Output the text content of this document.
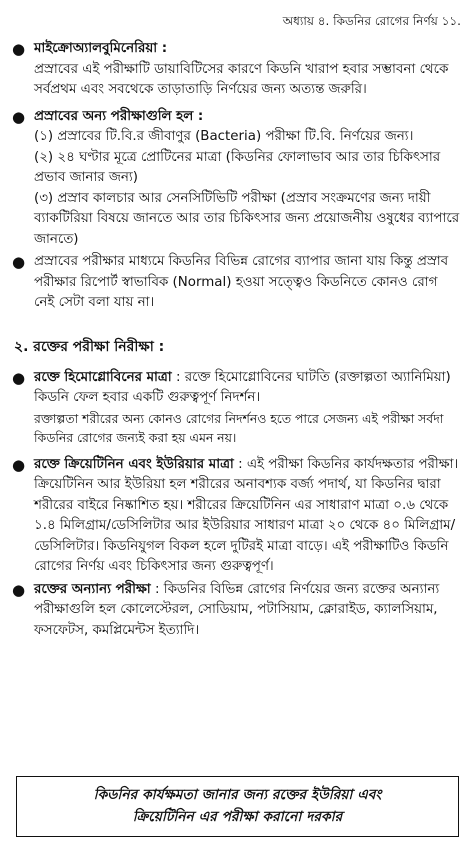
অধ্যায় ৪. কিডনির রোগের নির্ণয় ১১.
● মাইক্রোঅ্যালবুমিনেরিয়া :

প্রস্রাবের এই পরীক্ষাটি ডায়াবিটিসের কারণে কিডনি খারাপ হবার সম্ভাবনা থেকে সর্বপ্রথম এবং সবথেকে তাড়াতাড়ি নির্ণয়ের জন্য অত্যন্ত জরুরি।

● প্রস্রাবের অন্য পরীক্ষাগুলি হল :

(১) প্রস্রাবের টি.বি.র জীবাণুর (Bacteria) পরীক্ষা টি.বি. নির্ণয়ের জন্য।

(২) ২৪ ঘণ্টার মূত্রে প্রোটিনের মাত্রা (কিডনির ফোলাভাব আর তার চিকিৎসার প্রভাব জানার জন্য)

(৩) প্রস্রাব কালচার আর সেনসিটিভিটি পরীক্ষা (প্রস্রাব সংক্রমণের জন্য দায়ী ব্যাকটিরিয়া বিষয়ে জানতে আর তার চিকিৎসার জন্য প্রয়োজনীয় ওষুধের ব্যাপারে জানতে)

● প্রস্রাবের পরীক্ষার মাধ্যমে কিডনির বিভিন্ন রোগের ব্যাপার জানা যায় কিন্তু প্রস্রাব পরীক্ষার রিপোর্ট স্বাভাবিক (Normal) হওয়া সত্ত্বেও কিডনিতে কোনও রোগ নেই সেটা বলা যায় না।

২. রক্তের পরীক্ষা নিরীক্ষা :
● রক্তে হিমোগ্লোবিনের মাত্রা : রক্তে হিমোগ্লোবিনের ঘাটতি (রক্তাল্পতা অ্যানিমিয়া) কিডনি ফেল হবার একটি গুরুত্বপূর্ণ নিদর্শন।

রক্তাল্পতা শরীরের অন্য কোনও রোগের নিদর্শনও হতে পারে সেজন্য এই পরীক্ষা সর্বদা কিডনির রোগের জন্যই করা হয় এমন নয়।

● রক্তে ক্রিয়েটিনিন এবং ইউরিয়ার মাত্রা : এই পরীক্ষা কিডনির কার্যদক্ষতার পরীক্ষা। ক্রিয়েটিনিন আর ইউরিয়া হল শরীরের অনাবশ্যক বর্জ্য পদার্থ, যা কিডনির দ্বারা শরীরের বাইরে নিষ্কাশিত হয়। শরীরের ক্রিয়েটিনিন এর সাধারাণ মাত্রা ০.৬ থেকে ১.৪ মিলিগ্রাম/ডেসিলিটার আর ইউরিয়ার সাধারণ মাত্রা ২০ থেকে ৪০ মিলিগ্রাম/ডেসিলিটার। কিডনিযুগল বিকল হলে দুটিরই মাত্রা বাড়ে। এই পরীক্ষাটিও কিডনি রোগের নির্ণয় এবং চিকিৎসার জন্য গুরুত্বপূর্ণ।

● রক্তের অন্যান্য পরীক্ষা : কিডনির বিভিন্ন রোগের নির্ণয়ের জন্য রক্তের অন্যান্য পরীক্ষাগুলি হল কোলেস্টেরল, সোডিয়াম, পটাসিয়াম, ক্লোরাইড, ক্যালসিয়াম, ফসফেটস, কমপ্লিমেন্টস ইত্যাদি।

কিডনির কার্যক্ষমতা জানার জন্য রক্তের ইউরিয়া এবং
ক্রিয়েটিনিন এর পরীক্ষা করানো দরকার
